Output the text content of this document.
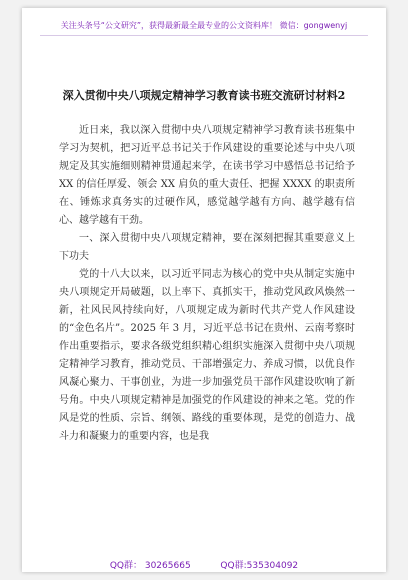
关注头条号“公文研究”，获得最新最全最专业的公文资料库！ 微信：gongwenyj
深入贯彻中央八项规定精神学习教育读书班交流研讨材料2

近日来，我以深入贯彻中央八项规定精神学习教育读书班集中学习为契机，把习近平总书记关于作风建设的重要论述与中央八项规定及其实施细则精神贯通起来学，在读书学习中感悟总书记给予 XX 的信任厚爱、领会 XX 肩负的重大责任、把握 XXXX 的职责所在、锤炼求真务实的过硬作风，感觉越学越有方向、越学越有信心、越学越有干劲。

一、深入贯彻中央八项规定精神，要在深刻把握其重要意义上下功夫

党的十八大以来，以习近平同志为核心的党中央从制定实施中央八项规定开局破题，以上率下、真抓实干，推动党风政风焕然一新，社风民风持续向好，八项规定成为新时代共产党人作风建设的“金色名片”。2025 年 3 月，习近平总书记在贵州、云南考察时作出重要指示，要求各级党组织精心组织实施深入贯彻中央八项规定精神学习教育，推动党员、干部增强定力、养成习惯，以优良作风凝心聚力、干事创业，为进一步加强党员干部作风建设吹响了新号角。中央八项规定精神是加强党的作风建设的神来之笔。党的作风是党的性质、宗旨、纲领、路线的重要体现，是党的创造力、战斗力和凝聚力的重要内容，也是我

QQ群： 30265665	QQ群:535304092
